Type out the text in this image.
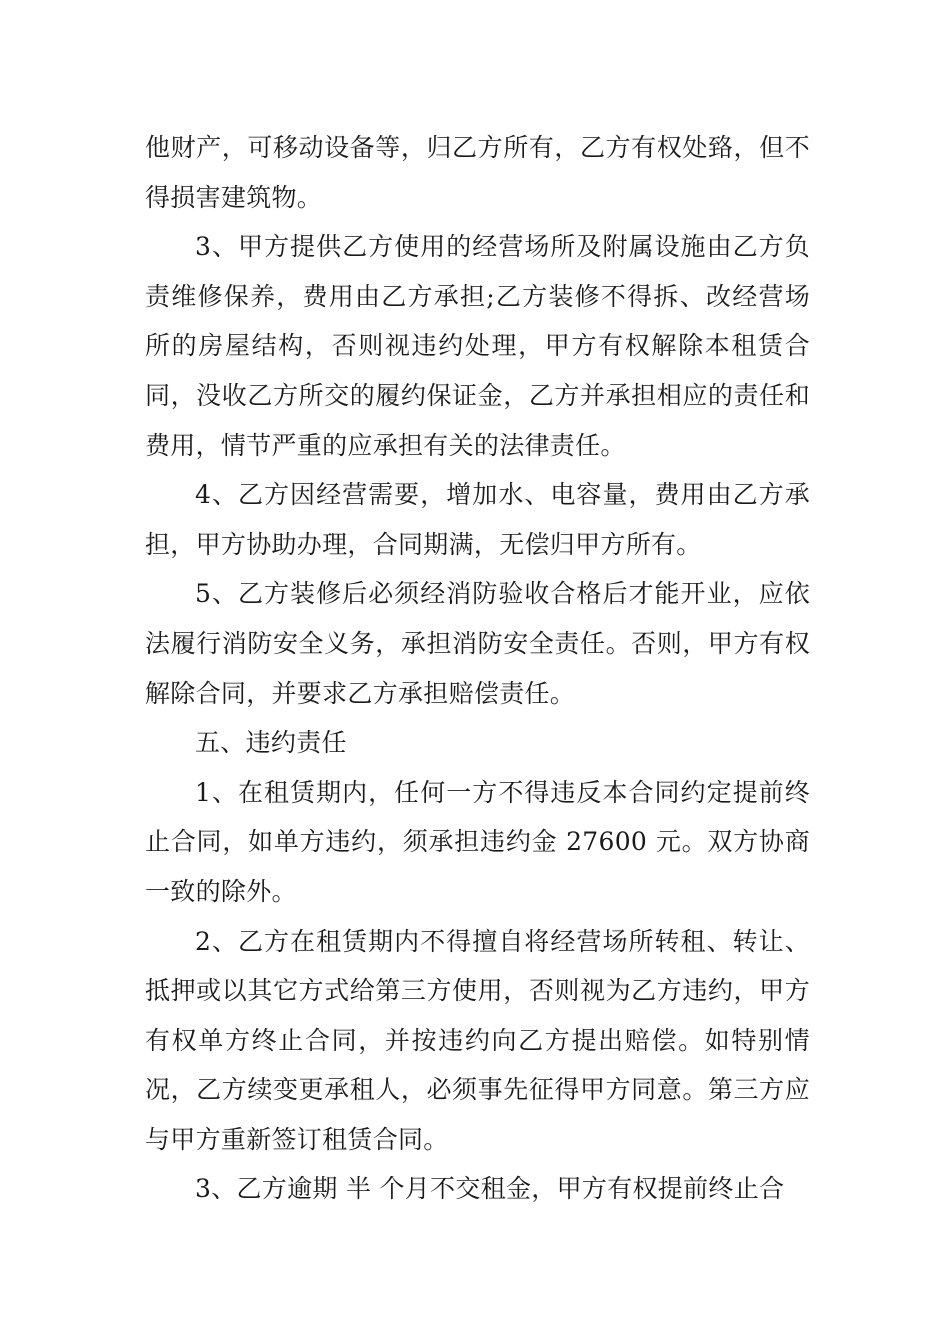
他财产，可移动设备等，归乙方所有，乙方有权处臵，但不得损害建筑物。

3、甲方提供乙方使用的经营场所及附属设施由乙方负责维修保养，费用由乙方承担;乙方装修不得拆、改经营场所的房屋结构，否则视违约处理，甲方有权解除本租赁合同，没收乙方所交的履约保证金，乙方并承担相应的责任和费用，情节严重的应承担有关的法律责任。

4、乙方因经营需要，增加水、电容量，费用由乙方承担，甲方协助办理，合同期满，无偿归甲方所有。

5、乙方装修后必须经消防验收合格后才能开业，应依法履行消防安全义务，承担消防安全责任。否则，甲方有权解除合同，并要求乙方承担赔偿责任。

五、违约责任

1、在租赁期内，任何一方不得违反本合同约定提前终止合同，如单方违约，须承担违约金 27600 元。双方协商一致的除外。

2、乙方在租赁期内不得擅自将经营场所转租、转让、抵押或以其它方式给第三方使用，否则视为乙方违约，甲方有权单方终止合同，并按违约向乙方提出赔偿。如特别情况，乙方续变更承租人，必须事先征得甲方同意。第三方应与甲方重新签订租赁合同。

3、乙方逾期 半 个月不交租金，甲方有权提前终止合
